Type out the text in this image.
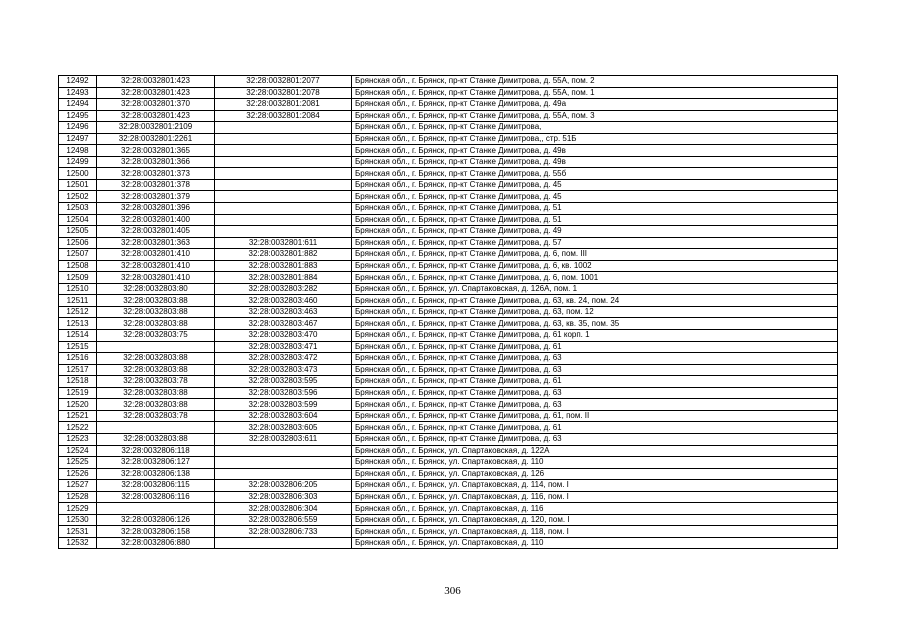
12492	32:28:0032801:423	32:28:0032801:2077	Брянская обл., г. Брянск, пр-кт Станке Димитрова, д. 55А, пом. 2
12493	32:28:0032801:423	32:28:0032801:2078	Брянская обл., г. Брянск, пр-кт Станке Димитрова, д. 55А, пом. 1
12494	32:28:0032801:370	32:28:0032801:2081	Брянская обл., г. Брянск, пр-кт Станке Димитрова, д. 49а
12495	32:28:0032801:423	32:28:0032801:2084	Брянская обл., г. Брянск, пр-кт Станке Димитрова, д. 55А, пом. 3
12496	32:28:0032801:2109		Брянская обл., г. Брянск, пр-кт Станке Димитрова,
12497	32:28:0032801:2261		Брянская обл., г. Брянск, пр-кт Станке Димитрова,, стр. 51Б
12498	32:28:0032801:365		Брянская обл., г. Брянск, пр-кт Станке Димитрова, д. 49в
12499	32:28:0032801:366		Брянская обл., г. Брянск, пр-кт Станке Димитрова, д. 49в
12500	32:28:0032801:373		Брянская обл., г. Брянск, пр-кт Станке Димитрова, д. 55б
12501	32:28:0032801:378		Брянская обл., г. Брянск, пр-кт Станке Димитрова, д. 45
12502	32:28:0032801:379		Брянская обл., г. Брянск, пр-кт Станке Димитрова, д. 45
12503	32:28:0032801:396		Брянская обл., г. Брянск, пр-кт Станке Димитрова, д. 51
12504	32:28:0032801:400		Брянская обл., г. Брянск, пр-кт Станке Димитрова, д. 51
12505	32:28:0032801:405		Брянская обл., г. Брянск, пр-кт Станке Димитрова, д. 49
12506	32:28:0032801:363	32:28:0032801:611	Брянская обл., г. Брянск, пр-кт Станке Димитрова, д. 57
12507	32:28:0032801:410	32:28:0032801:882	Брянская обл., г. Брянск, пр-кт Станке Димитрова, д. 6, пом. III
12508	32:28:0032801:410	32:28:0032801:883	Брянская обл., г. Брянск, пр-кт Станке Димитрова, д. 6, кв. 1002
12509	32:28:0032801:410	32:28:0032801:884	Брянская обл., г. Брянск, пр-кт Станке Димитрова, д. 6, пом. 1001
12510	32:28:0032803:80	32:28:0032803:282	Брянская обл., г. Брянск, ул. Спартаковская, д. 126А, пом. 1
12511	32:28:0032803:88	32:28:0032803:460	Брянская обл., г. Брянск, пр-кт Станке Димитрова, д. 63, кв. 24, пом. 24
12512	32:28:0032803:88	32:28:0032803:463	Брянская обл., г. Брянск, пр-кт Станке Димитрова, д. 63, пом. 12
12513	32:28:0032803:88	32:28:0032803:467	Брянская обл., г. Брянск, пр-кт Станке Димитрова, д. 63, кв. 35, пом. 35
12514	32:28:0032803:75	32:28:0032803:470	Брянская обл., г. Брянск, пр-кт Станке Димитрова, д. 61 корп. 1
12515		32:28:0032803:471	Брянская обл., г. Брянск, пр-кт Станке Димитрова, д. 61
12516	32:28:0032803:88	32:28:0032803:472	Брянская обл., г. Брянск, пр-кт Станке Димитрова, д. 63
12517	32:28:0032803:88	32:28:0032803:473	Брянская обл., г. Брянск, пр-кт Станке Димитрова, д. 63
12518	32:28:0032803:78	32:28:0032803:595	Брянская обл., г. Брянск, пр-кт Станке Димитрова, д. 61
12519	32:28:0032803:88	32:28:0032803:596	Брянская обл., г. Брянск, пр-кт Станке Димитрова, д. 63
12520	32:28:0032803:88	32:28:0032803:599	Брянская обл., г. Брянск, пр-кт Станке Димитрова, д. 63
12521	32:28:0032803:78	32:28:0032803:604	Брянская обл., г. Брянск, пр-кт Станке Димитрова, д. 61, пом. II
12522		32:28:0032803:605	Брянская обл., г. Брянск, пр-кт Станке Димитрова, д. 61
12523	32:28:0032803:88	32:28:0032803:611	Брянская обл., г. Брянск, пр-кт Станке Димитрова, д. 63
12524	32:28:0032806:118		Брянская обл., г. Брянск, ул. Спартаковская, д. 122А
12525	32:28:0032806:127		Брянская обл., г. Брянск, ул. Спартаковская, д. 110
12526	32:28:0032806:138		Брянская обл., г. Брянск, ул. Спартаковская, д. 126
12527	32:28:0032806:115	32:28:0032806:205	Брянская обл., г. Брянск, ул. Спартаковская, д. 114, пом. I
12528	32:28:0032806:116	32:28:0032806:303	Брянская обл., г. Брянск, ул. Спартаковская, д. 116, пом. I
12529		32:28:0032806:304	Брянская обл., г. Брянск, ул. Спартаковская, д. 116
12530	32:28:0032806:126	32:28:0032806:559	Брянская обл., г. Брянск, ул. Спартаковская, д. 120, пом. I
12531	32:28:0032806:158	32:28:0032806:733	Брянская обл., г. Брянск, ул. Спартаковская, д. 118, пом. I
12532	32:28:0032806:880		Брянская обл., г. Брянск, ул. Спартаковская, д. 110
306
